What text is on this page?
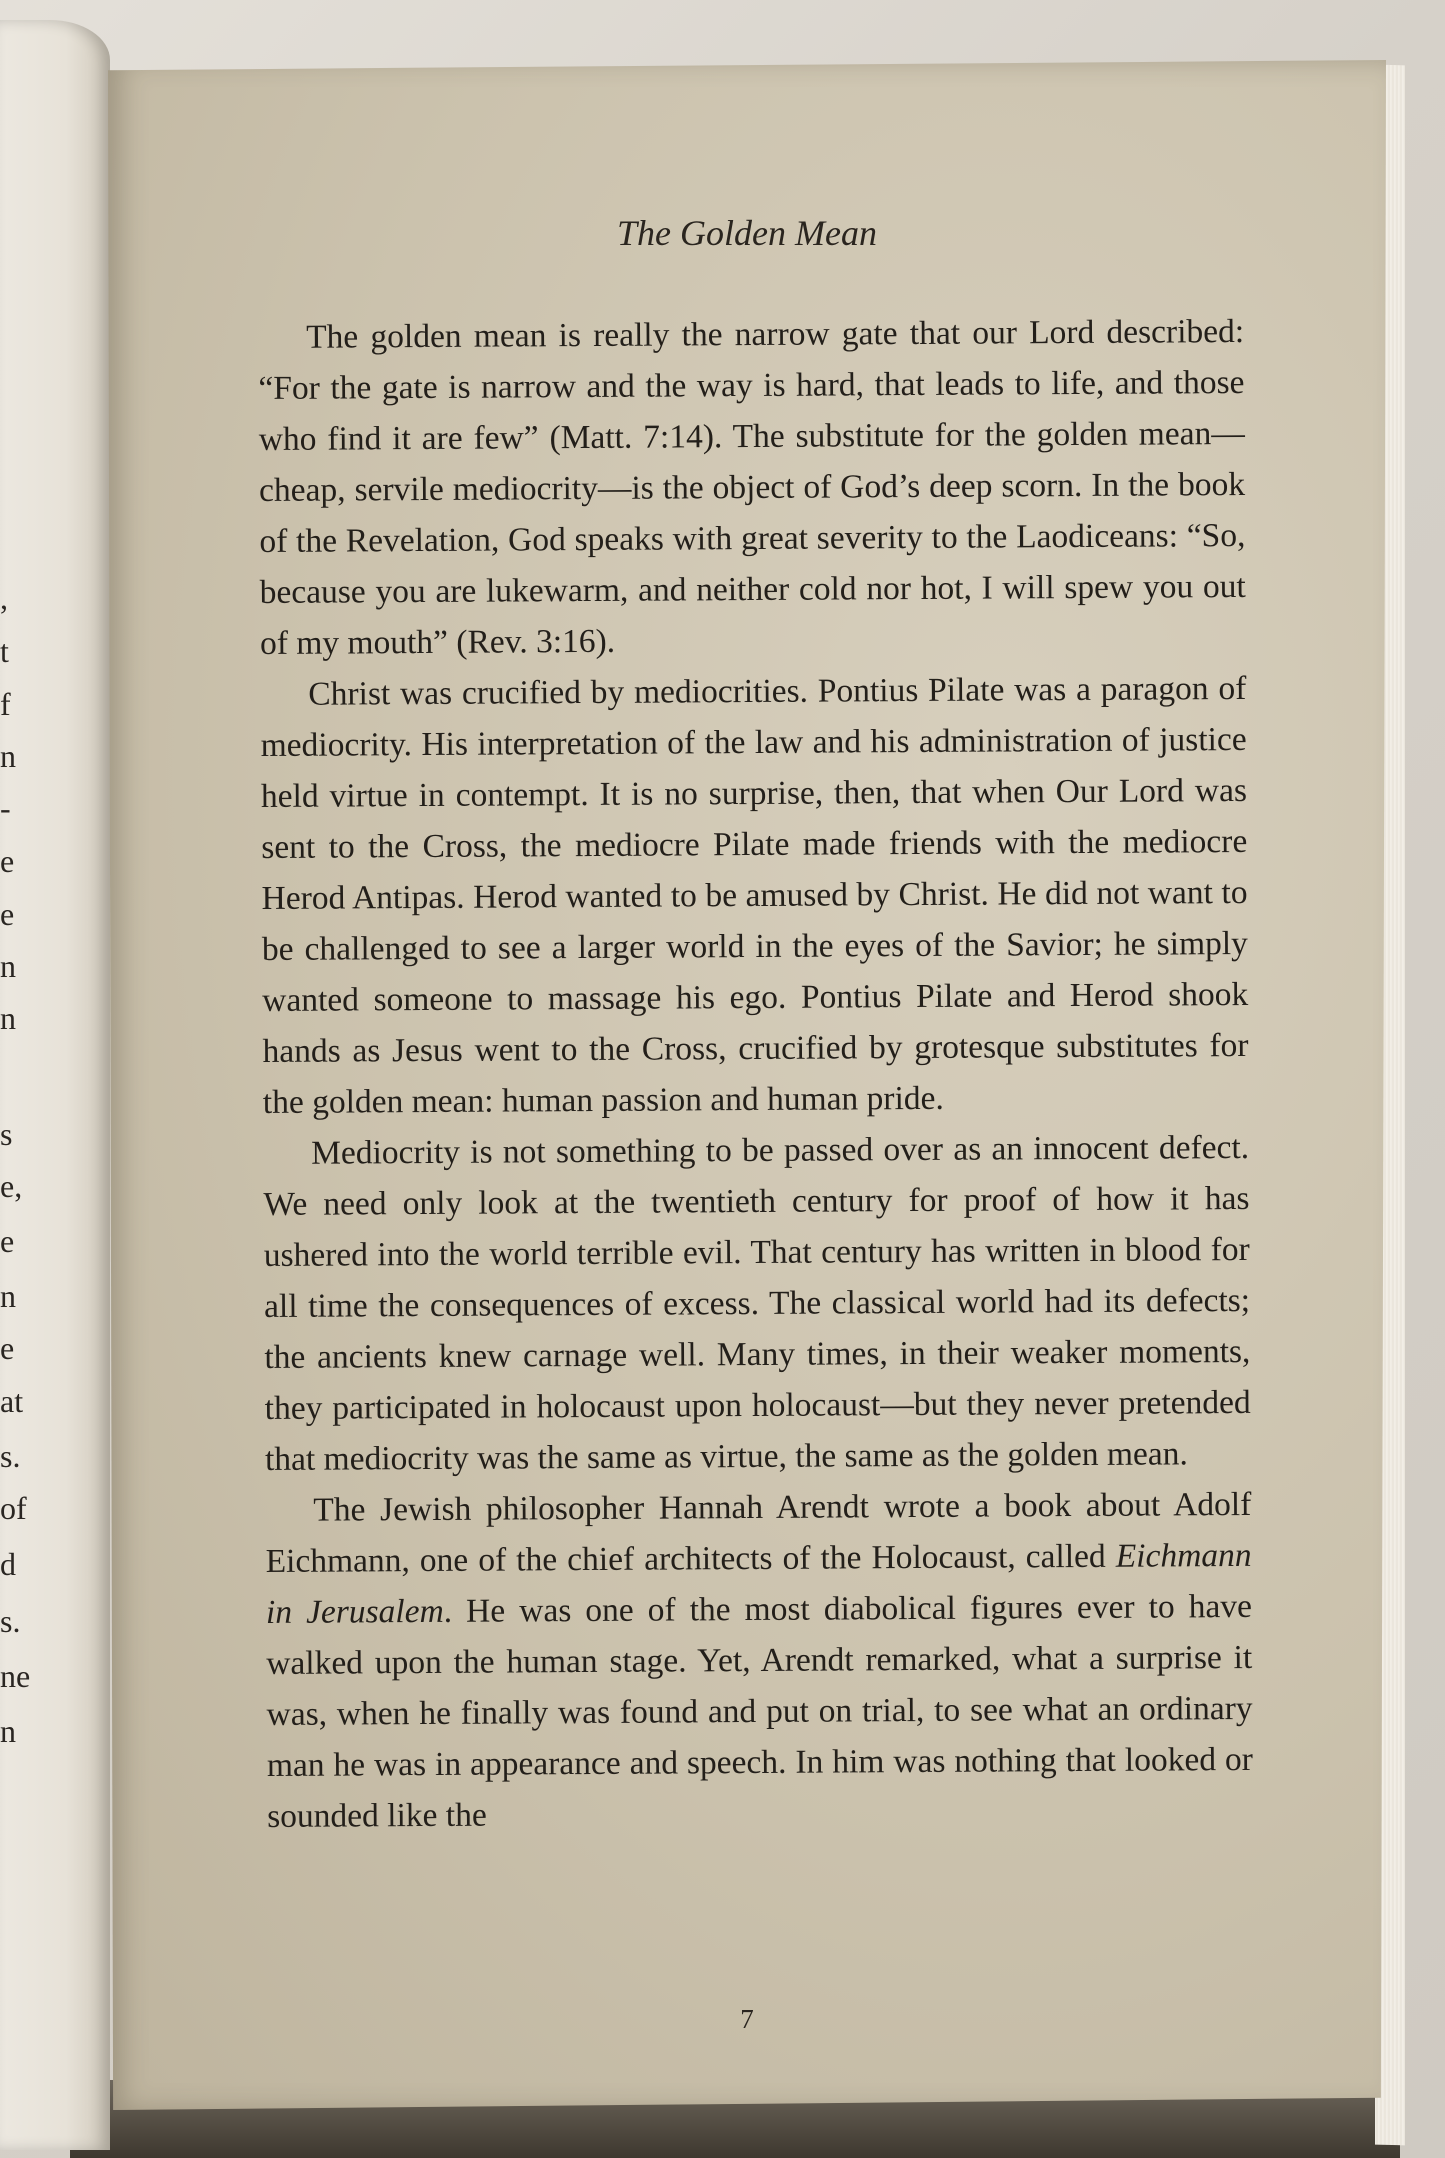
,
t
f
n
-
e
e
n
n
s
e,
e
n
e
at
s.
of
d
s.
ne
n
The Golden Mean

The golden mean is really the narrow gate that our Lord described: “For the gate is narrow and the way is hard, that leads to life, and those who find it are few” (Matt. 7:14). The substitute for the golden mean—cheap, servile mediocrity—is the object of God’s deep scorn. In the book of the Revelation, God speaks with great severity to the Laodiceans: “So, because you are lukewarm, and neither cold nor hot, I will spew you out of my mouth” (Rev. 3:16).

Christ was crucified by mediocrities. Pontius Pilate was a paragon of mediocrity. His interpretation of the law and his administration of justice held virtue in contempt. It is no surprise, then, that when Our Lord was sent to the Cross, the mediocre Pilate made friends with the mediocre Herod Antipas. Herod wanted to be amused by Christ. He did not want to be challenged to see a larger world in the eyes of the Savior; he simply wanted someone to massage his ego. Pontius Pilate and Herod shook hands as Jesus went to the Cross, crucified by grotesque substitutes for the golden mean: human passion and human pride.

Mediocrity is not something to be passed over as an innocent defect. We need only look at the twentieth century for proof of how it has ushered into the world terrible evil. That century has written in blood for all time the consequences of excess. The classical world had its defects; the ancients knew carnage well. Many times, in their weaker moments, they participated in holocaust upon holocaust—but they never pretended that mediocrity was the same as virtue, the same as the golden mean.

The Jewish philosopher Hannah Arendt wrote a book about Adolf Eichmann, one of the chief architects of the Holocaust, called Eichmann in Jerusalem. He was one of the most diabolical figures ever to have walked upon the human stage. Yet, Arendt remarked, what a surprise it was, when he finally was found and put on trial, to see what an ordinary man he was in appearance and speech. In him was nothing that looked or sounded like the

7
